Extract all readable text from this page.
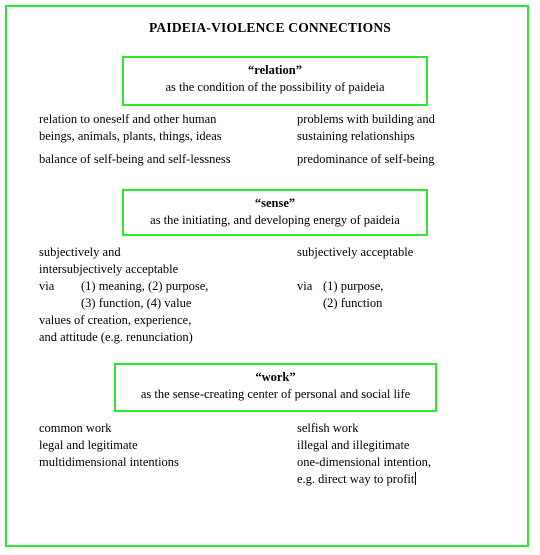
PAIDEIA-VIOLENCE CONNECTIONS
“relation”
as the condition of the possibility of paideia
relation to oneself and other human
beings, animals, plants, things, ideas
balance of self-being and self-lessness
problems with building and
sustaining relationships
predominance of self-being
“sense”
as the initiating, and developing energy of paideia
subjectively and
intersubjectively acceptable
via (1) meaning, (2) purpose,
(3) function, (4) value
values of creation, experience,
and attitude (e.g. renunciation)
subjectively acceptable
via (1) purpose,
(2) function
“work”
as the sense-creating center of personal and social life
common work
legal and legitimate
multidimensional intentions
selfish work
illegal and illegitimate
one-dimensional intention,
e.g. direct way to profit
